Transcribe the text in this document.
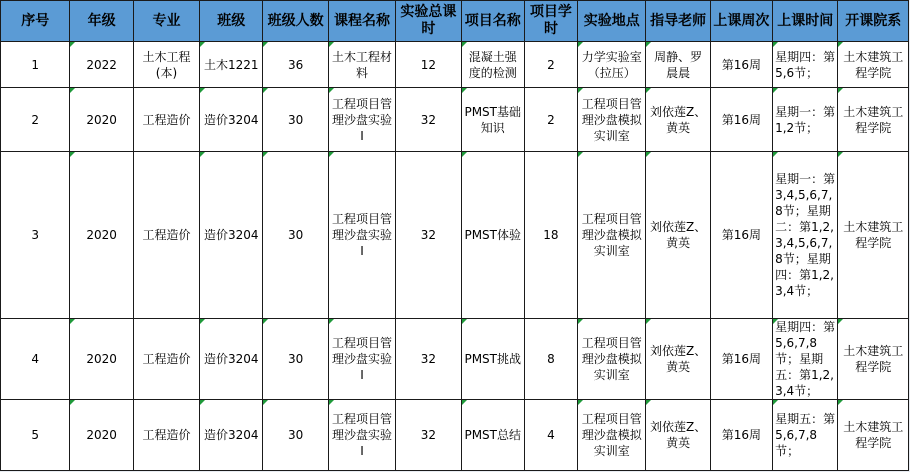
序号	年级	专业	班级	班级人数	课程名称	实验总课时	项目名称	项目学时	实验地点	指导老师	上课周次	上课时间	开课院系
1	2022	土木工程(本)	土木1221	36	土木工程材料	12	混凝土强度的检测	2	力学实验室（拉压）	周静、罗晨晨	第16周	星期四：第5,6节；	土木建筑工程学院

2	2020	工程造价	造价3204	30	工程项目管理沙盘实验Ⅰ	32	PMST基础知识	2	工程项目管理沙盘模拟实训室	刘依莲Z、黄英	第16周	星期一：第1,2节；	土木建筑工程学院

3	2020	工程造价	造价3204	30	工程项目管理沙盘实验Ⅰ	32	PMST体验	18	工程项目管理沙盘模拟实训室	刘依莲Z、黄英	第16周	星期一：第3,4,5,6,7,8节；星期二：第1,2,3,4,5,6,7,8节；星期四：第1,2,3,4节；	土木建筑工程学院

4	2020	工程造价	造价3204	30	工程项目管理沙盘实验Ⅰ	32	PMST挑战	8	工程项目管理沙盘模拟实训室	刘依莲Z、黄英	第16周	星期四：第5,6,7,8节；星期五：第1,2,3,4节；	土木建筑工程学院

5	2020	工程造价	造价3204	30	工程项目管理沙盘实验Ⅰ	32	PMST总结	4	工程项目管理沙盘模拟实训室	刘依莲Z、黄英	第16周	星期五：第5,6,7,8节；	土木建筑工程学院
